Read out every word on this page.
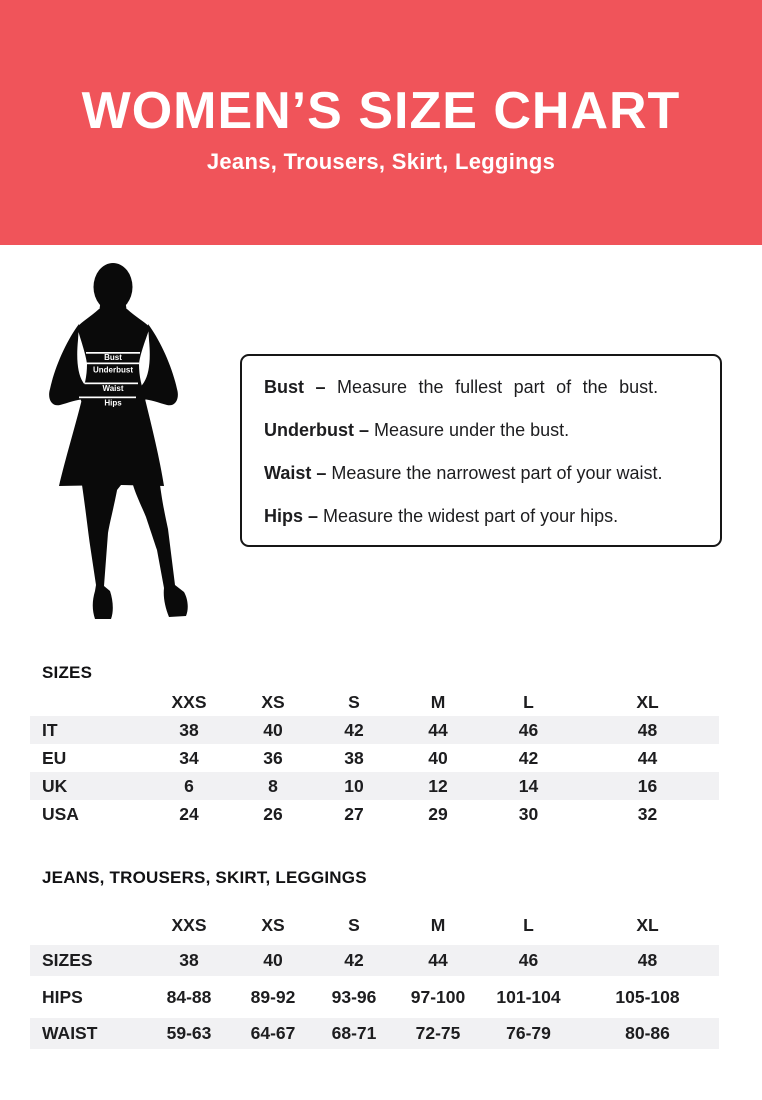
WOMEN’S SIZE CHART

Jeans, Trousers, Skirt, Leggings

Bust
Underbust
Waist
Hips

Bust – Measure the fullest part of the bust.

Underbust – Measure under the bust.

Waist – Measure the narrowest part of your waist.

Hips – Measure the widest part of your hips.

SIZES
	XXS	XS	S	M	L	XL
IT	38	40	42	44	46	48
EU	34	36	38	40	42	44
UK	6	8	10	12	14	16
USA	24	26	27	29	30	32
JEANS, TROUSERS, SKIRT, LEGGINGS
	XXS	XS	S	M	L	XL
SIZES	38	40	42	44	46	48
HIPS	84-88	89-92	93-96	97-100	101-104	105-108
WAIST	59-63	64-67	68-71	72-75	76-79	80-86
